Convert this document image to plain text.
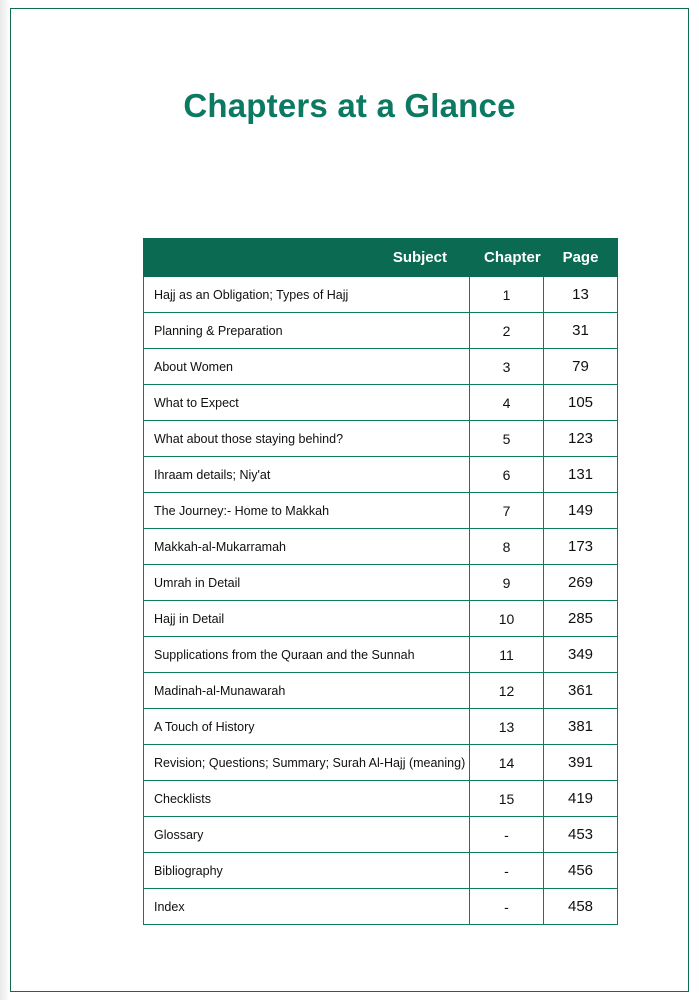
Chapters at a Glance
Subject	Chapter	Page
Hajj as an Obligation; Types of Hajj	1	13
Planning & Preparation	2	31
About Women	3	79
What to Expect	4	105
What about those staying behind?	5	123
Ihraam details; Niy'at	6	131
The Journey:- Home to Makkah	7	149
Makkah-al-Mukarramah	8	173
Umrah in Detail	9	269
Hajj in Detail	10	285
Supplications from the Quraan and the Sunnah	11	349
Madinah-al-Munawarah	12	361
A Touch of History	13	381
Revision; Questions; Summary; Surah Al-Hajj (meaning)	14	391
Checklists	15	419
Glossary	-	453
Bibliography	-	456
Index	-	458
